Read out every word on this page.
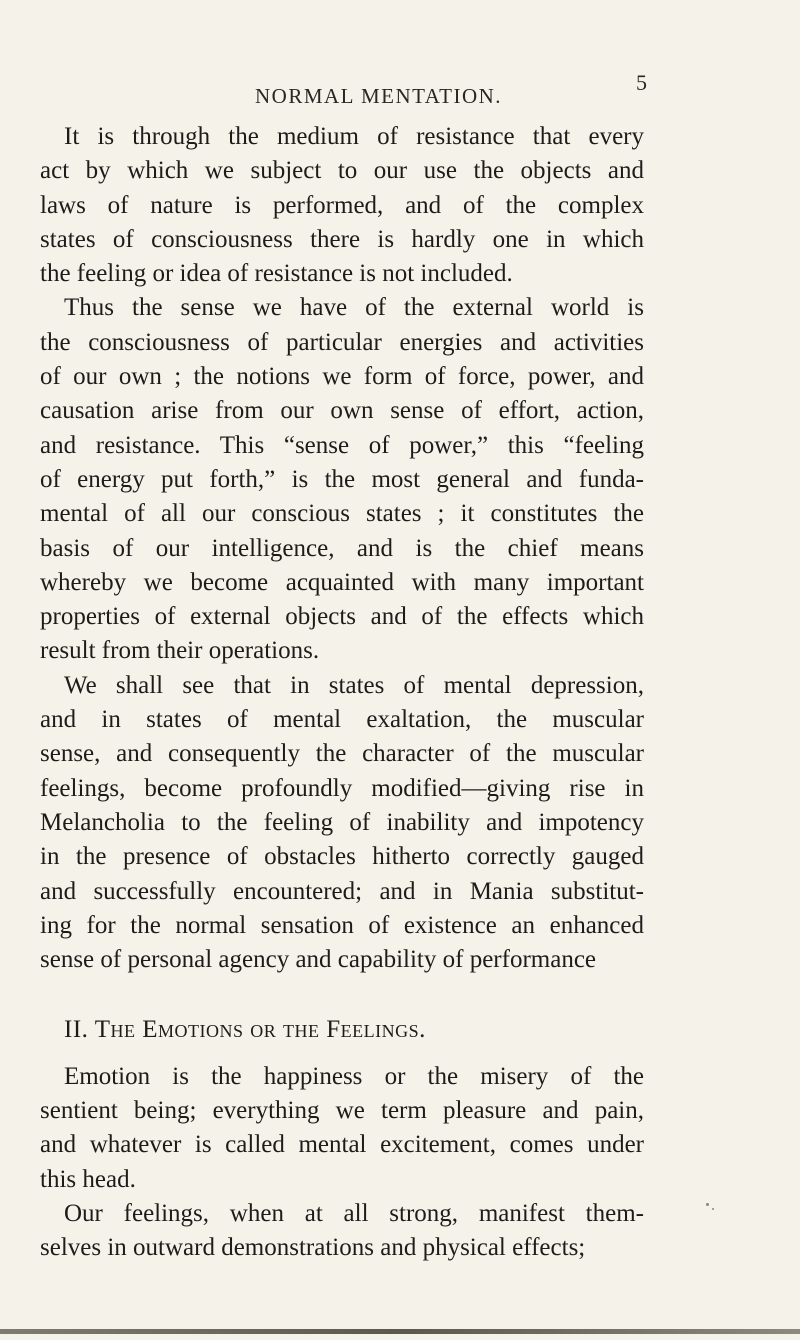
NORMAL MENTATION.
5
It is through the medium of resistance that every
act by which we subject to our use the objects and
laws of nature is performed, and of the complex
states of consciousness there is hardly one in which
the feeling or idea of resistance is not included.
Thus the sense we have of the external world is
the consciousness of particular energies and activities
of our own ; the notions we form of force, power, and
causation arise from our own sense of effort, action,
and resistance. This “sense of power,” this “feeling
of energy put forth,” is the most general and funda-
mental of all our conscious states ; it constitutes the
basis of our intelligence, and is the chief means
whereby we become acquainted with many important
properties of external objects and of the effects which
result from their operations.
We shall see that in states of mental depression,
and in states of mental exaltation, the muscular
sense, and consequently the character of the muscular
feelings, become profoundly modified—giving rise in
Melancholia to the feeling of inability and impotency
in the presence of obstacles hitherto correctly gauged
and successfully encountered; and in Mania substitut-
ing for the normal sensation of existence an enhanced
sense of personal agency and capability of performance
II. The Emotions or the Feelings.
Emotion is the happiness or the misery of the
sentient being; everything we term pleasure and pain,
and whatever is called mental excitement, comes under
this head.
Our feelings, when at all strong, manifest them-
selves in outward demonstrations and physical effects;
